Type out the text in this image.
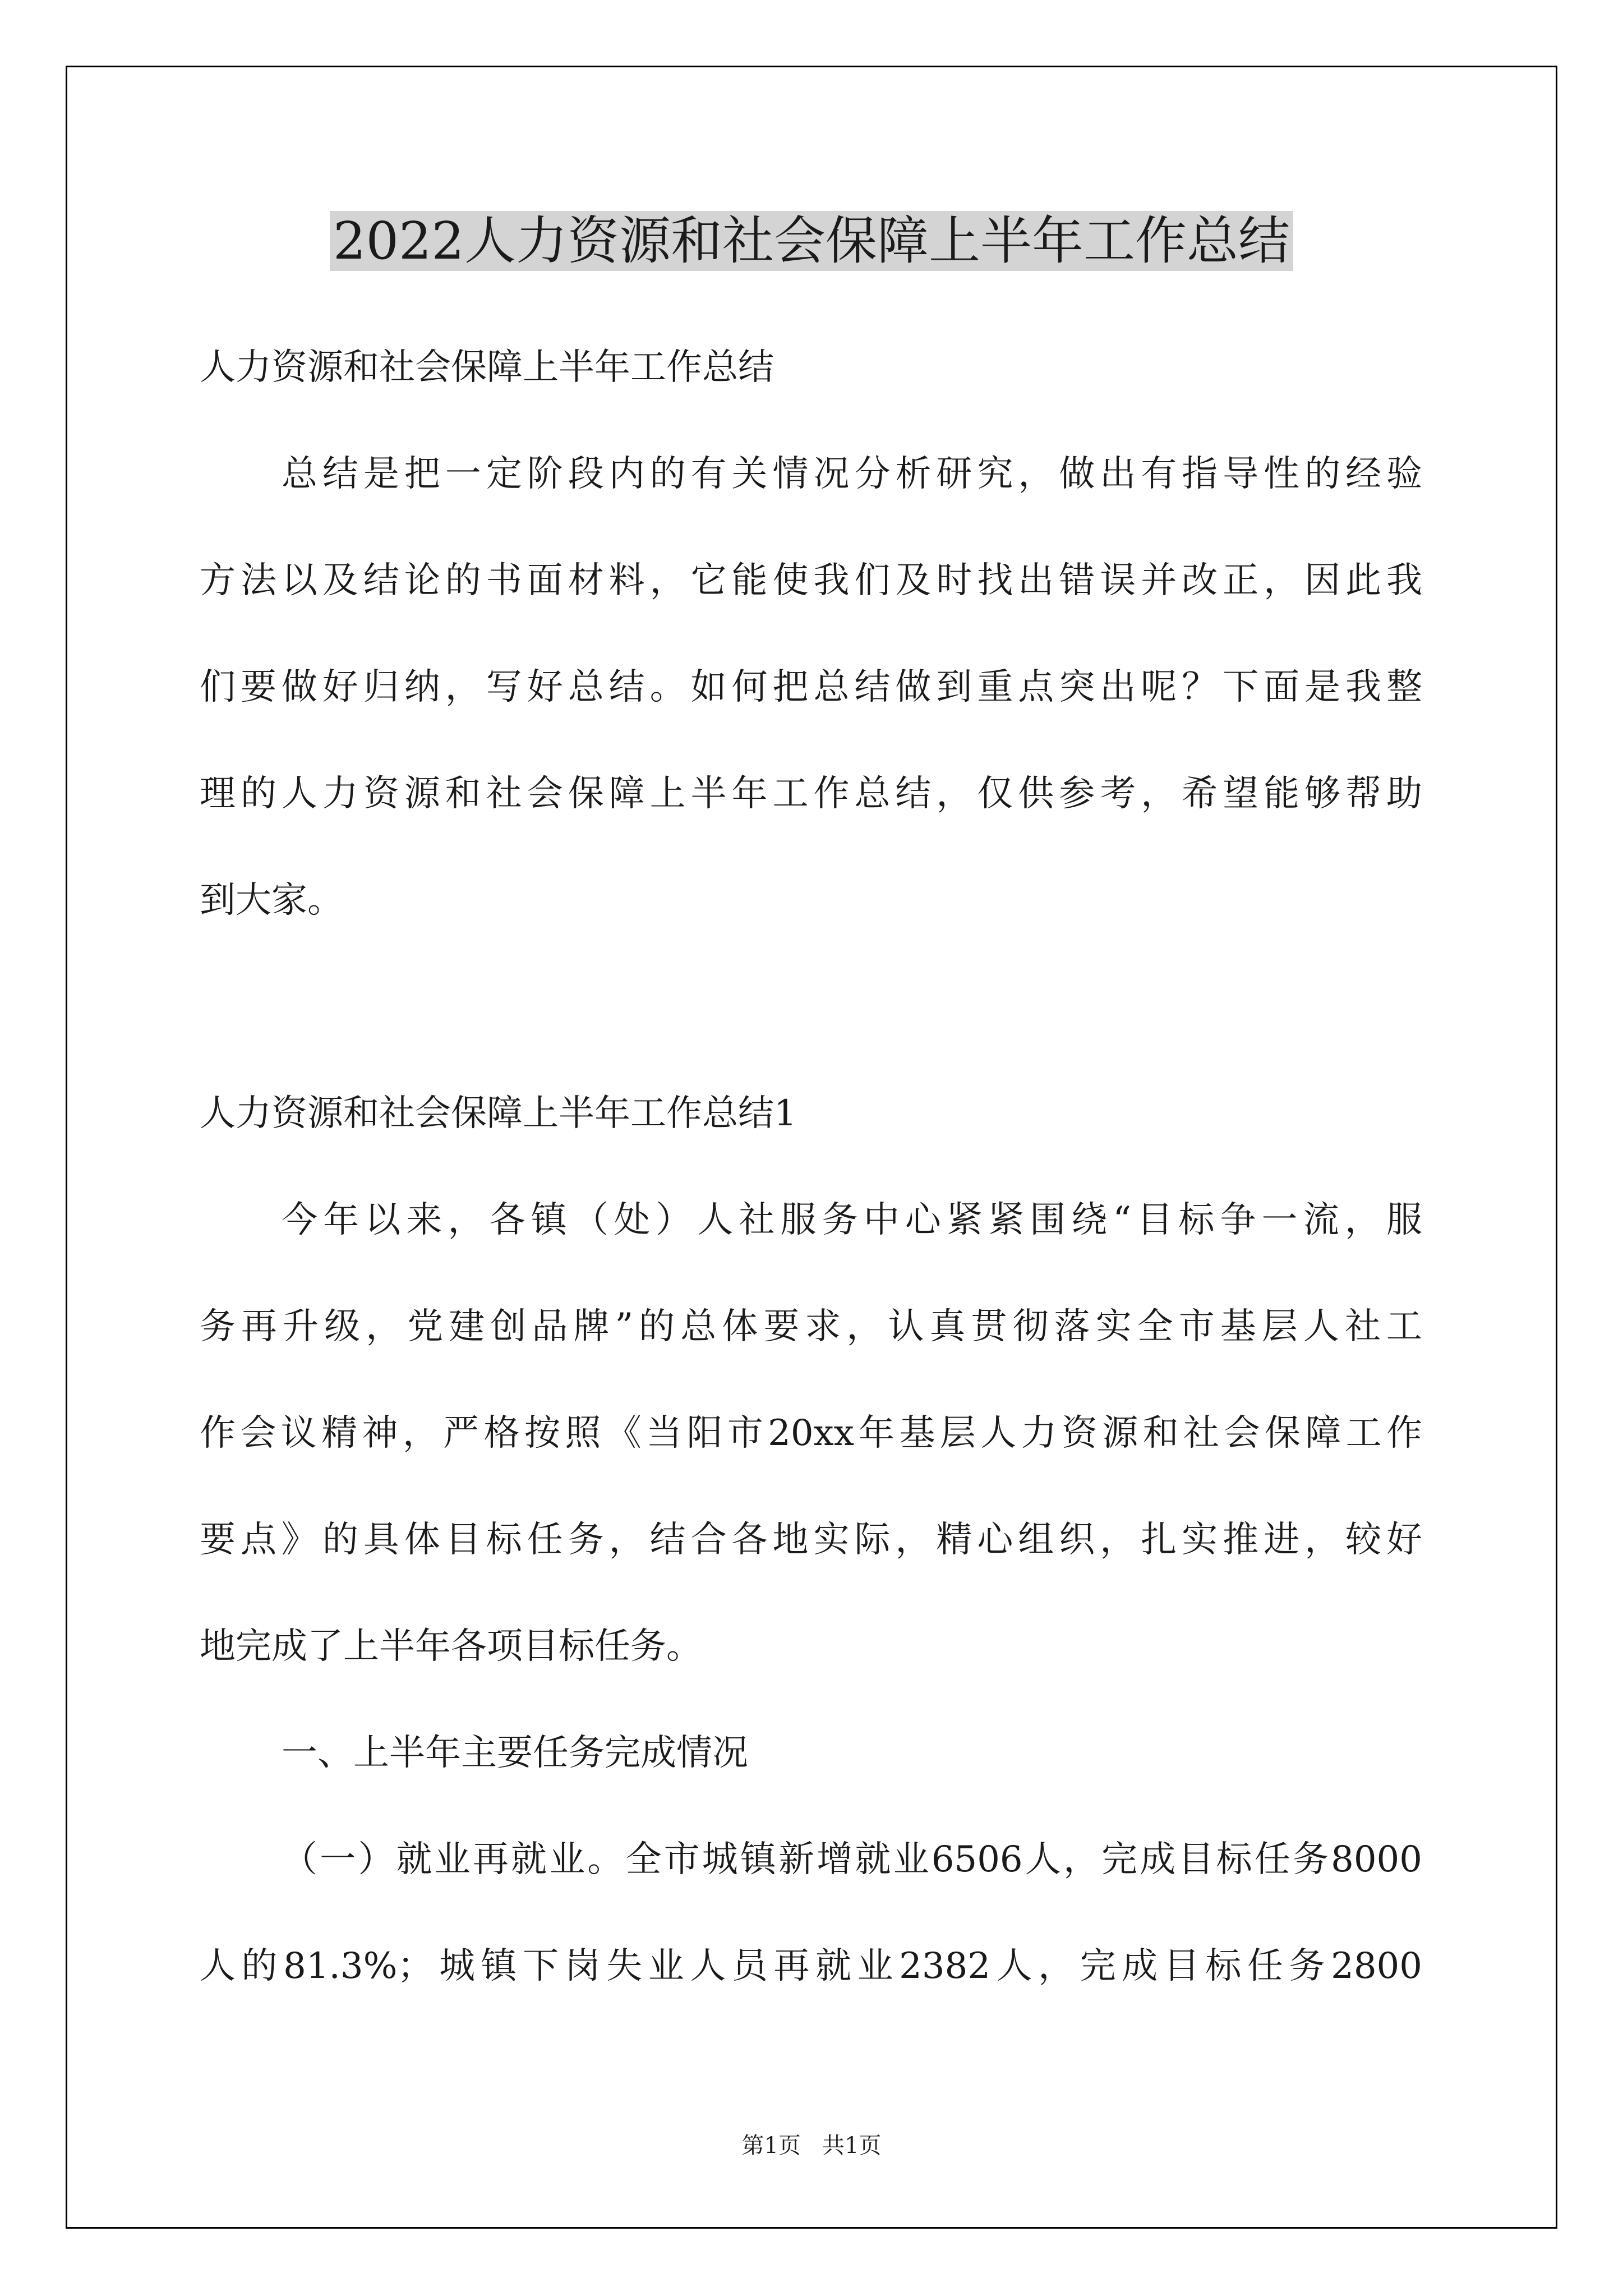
2022人力资源和社会保障上半年工作总结
人力资源和社会保障上半年工作总结
总结是把一定阶段内的有关情况分析研究，做出有指导性的经验
方法以及结论的书面材料，它能使我们及时找出错误并改正，因此我
们要做好归纳，写好总结。如何把总结做到重点突出呢？下面是我整
理的人力资源和社会保障上半年工作总结，仅供参考，希望能够帮助
到大家。
人力资源和社会保障上半年工作总结1
今年以来，各镇（处）人社服务中心紧紧围绕“目标争一流，服
务再升级，党建创品牌”的总体要求，认真贯彻落实全市基层人社工
作会议精神，严格按照《当阳市20xx年基层人力资源和社会保障工作
要点》的具体目标任务，结合各地实际，精心组织，扎实推进，较好
地完成了上半年各项目标任务。
一、上半年主要任务完成情况
（一）就业再就业。全市城镇新增就业6506人，完成目标任务8000
人的81.3%；城镇下岗失业人员再就业2382人，完成目标任务2800
第1页   共1页
